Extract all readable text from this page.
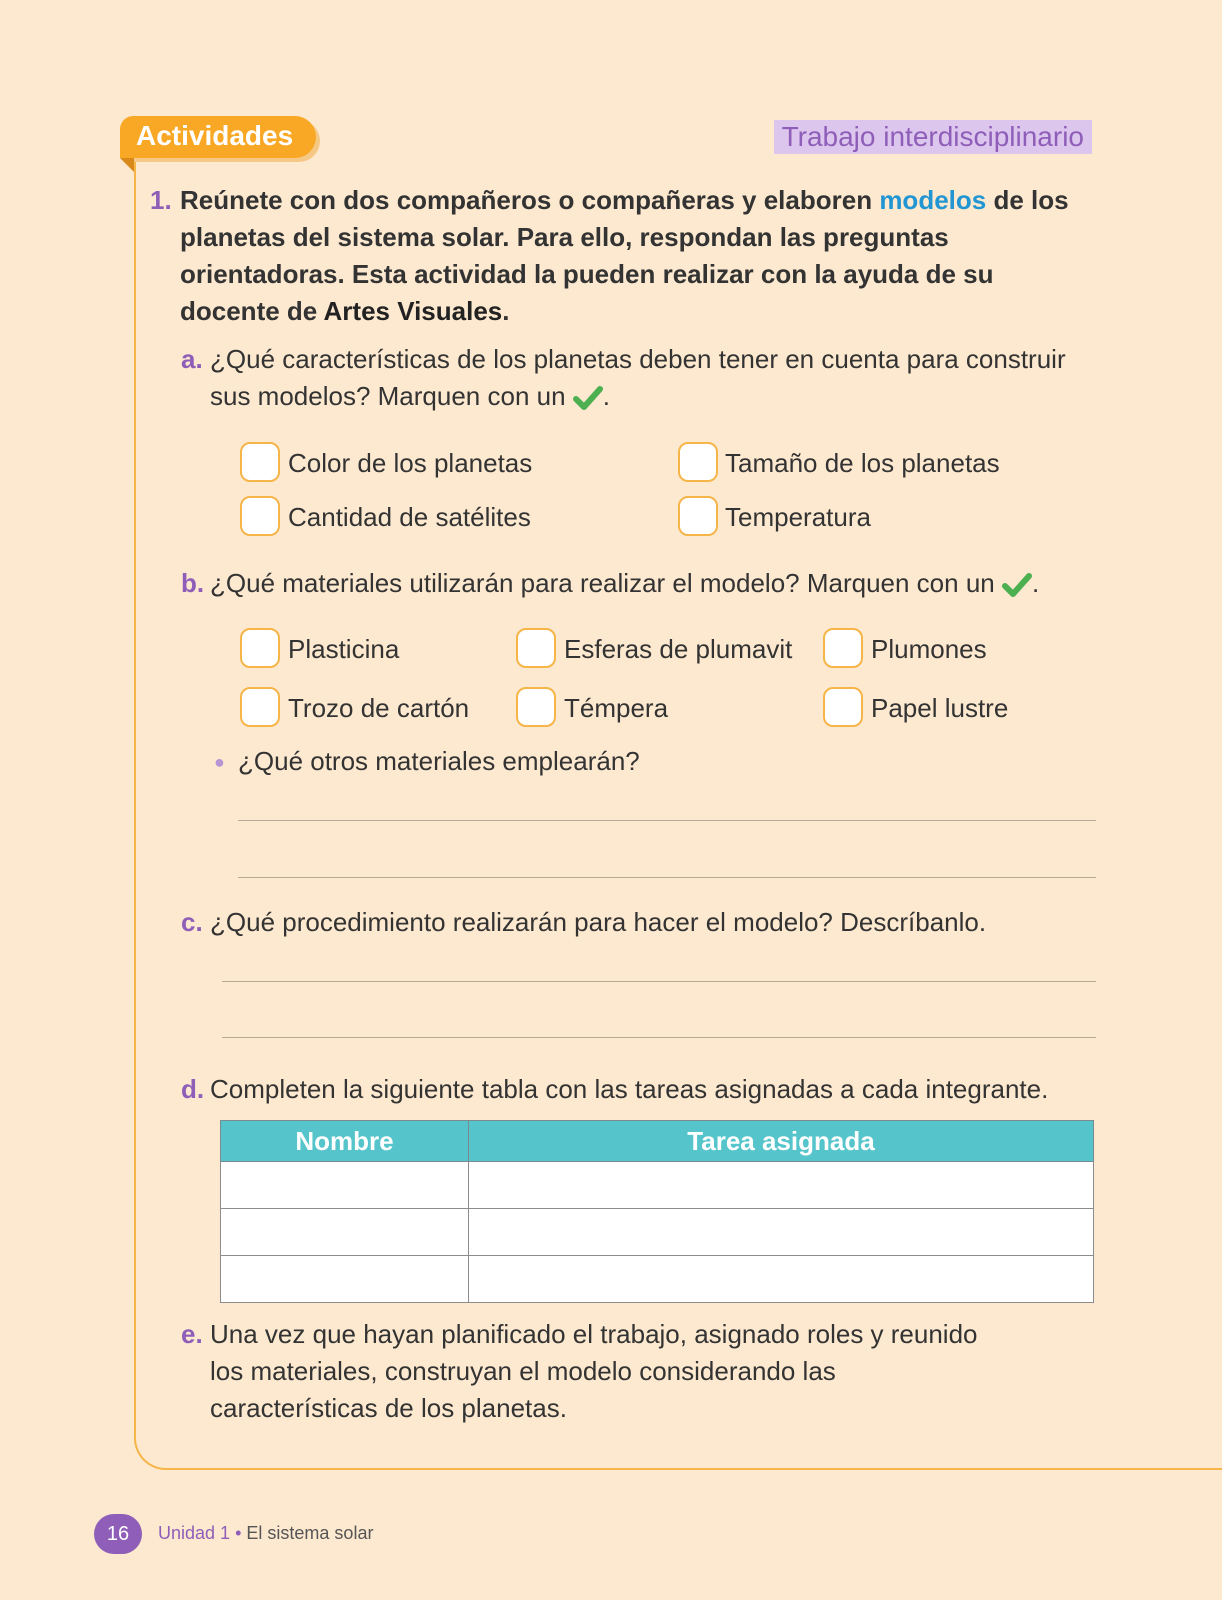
Actividades	Trabajo interdisciplinario
1. Reúnete con dos compañeros o compañeras y elaboren modelos de los planetas del sistema solar. Para ello, respondan las preguntas orientadoras. Esta actividad la pueden realizar con la ayuda de su docente de Artes Visuales.
a. ¿Qué características de los planetas deben tener en cuenta para construir sus modelos? Marquen con un .
Color de los planetas	Tamaño de los planetas
Cantidad de satélites	Temperatura
b. ¿Qué materiales utilizarán para realizar el modelo? Marquen con un .
Plasticina	Esferas de plumavit	Plumones
Trozo de cartón	Témpera	Papel lustre
● ¿Qué otros materiales emplearán?
c. ¿Qué procedimiento realizarán para hacer el modelo? Descríbanlo.
d. Completen la siguiente tabla con las tareas asignadas a cada integrante.
Nombre	Tarea asignada

e. Una vez que hayan planificado el trabajo, asignado roles y reunido los materiales, construyan el modelo considerando las características de los planetas.
16	Unidad 1 • El sistema solar
